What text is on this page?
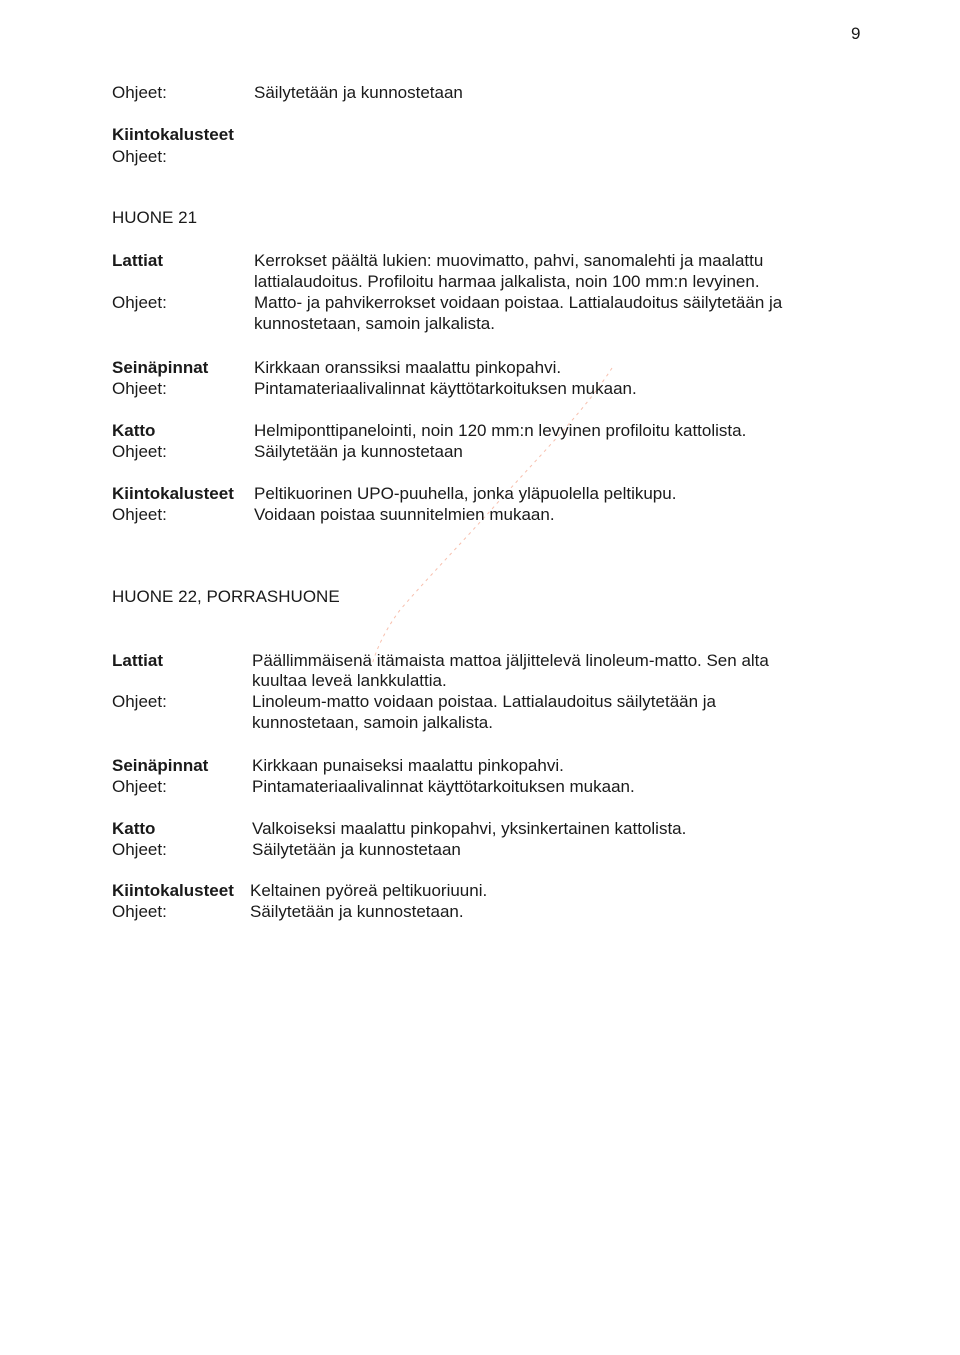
9
Ohjeet:	Säilytetään ja kunnostetaan
Kiintokalusteet
Ohjeet:
HUONE 21
Lattiat
Ohjeet:
Kerrokset päältä lukien: muovimatto, pahvi, sanomalehti ja maalattu
lattialaudoitus. Profiloitu harmaa jalkalista, noin 100 mm:n levyinen.
Matto- ja pahvikerrokset voidaan poistaa. Lattialaudoitus säilytetään ja
kunnostetaan, samoin jalkalista.
Seinäpinnat
Ohjeet:
Kirkkaan oranssiksi maalattu pinkopahvi.
Pintamateriaalivalinnat käyttötarkoituksen mukaan.
Katto
Ohjeet:
Helmiponttipanelointi, noin 120 mm:n levyinen profiloitu kattolista.
Säilytetään ja kunnostetaan
Kiintokalusteet
Ohjeet:
Peltikuorinen UPO-puuhella, jonka yläpuolella peltikupu.
Voidaan poistaa suunnitelmien mukaan.
HUONE 22, PORRASHUONE
Lattiat
Ohjeet:
Päällimmäisenä itämaista mattoa jäljittelevä linoleum-matto. Sen alta
kuultaa leveä lankkulattia.
Linoleum-matto voidaan poistaa. Lattialaudoitus säilytetään ja
kunnostetaan, samoin jalkalista.
Seinäpinnat
Ohjeet:
Kirkkaan punaiseksi maalattu pinkopahvi.
Pintamateriaalivalinnat käyttötarkoituksen mukaan.
Katto
Ohjeet:
Valkoiseksi maalattu pinkopahvi, yksinkertainen kattolista.
Säilytetään ja kunnostetaan
Kiintokalusteet
Ohjeet:
Keltainen pyöreä peltikuoriuuni.
Säilytetään ja kunnostetaan.
